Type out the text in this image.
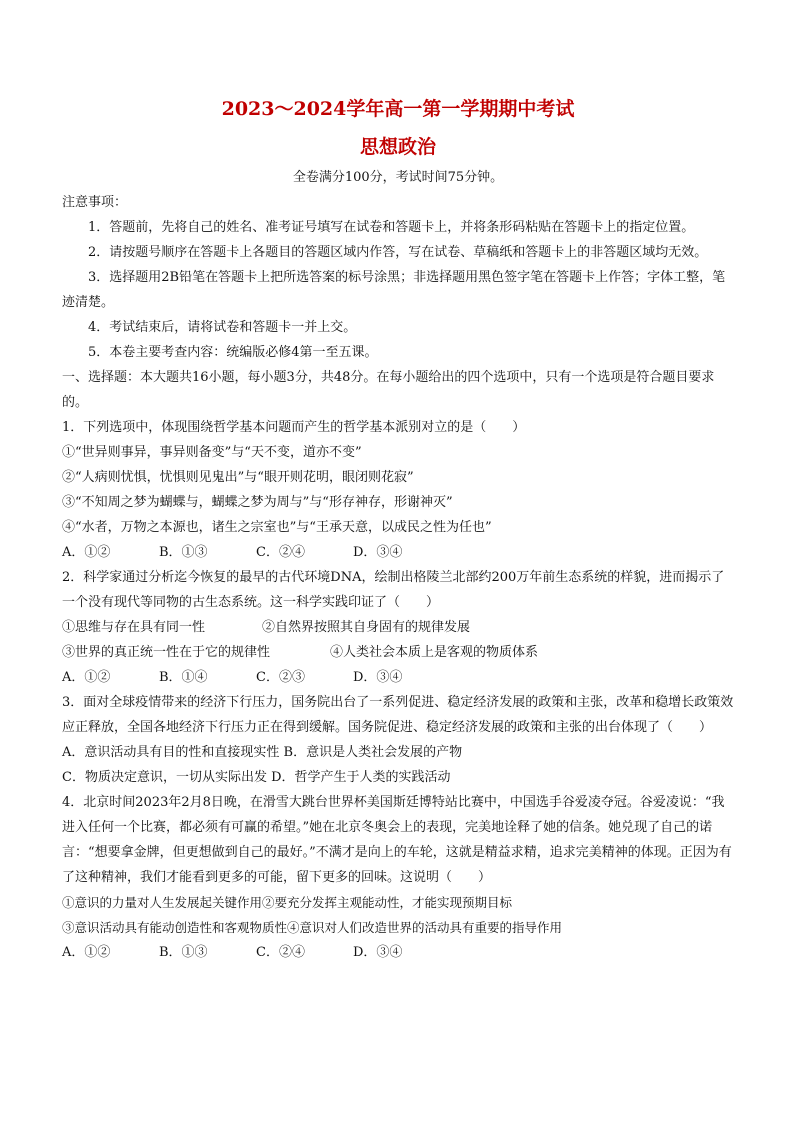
2023～2024学年高一第一学期期中考试
思想政治
全卷满分100分，考试时间75分钟。
注意事项：
1．答题前，先将自己的姓名、准考证号填写在试卷和答题卡上，并将条形码粘贴在答题卡上的指定位置。
2．请按题号顺序在答题卡上各题目的答题区域内作答，写在试卷、草稿纸和答题卡上的非答题区域均无效。
3．选择题用2B铅笔在答题卡上把所选答案的标号涂黑；非选择题用黑色签字笔在答题卡上作答；字体工整，笔迹清楚。
4．考试结束后，请将试卷和答题卡一并上交。
5．本卷主要考查内容：统编版必修4第一至五课。
一、选择题：本大题共16小题，每小题3分，共48分。在每小题给出的四个选项中，只有一个选项是符合题目要求的。
1．下列选项中，体现围绕哲学基本问题而产生的哲学基本派别对立的是（　　）
①“世异则事异，事异则备变”与“天不变，道亦不变”
②“人病则忧惧，忧惧则见鬼出”与“眼开则花明，眼闭则花寂”
③“不知周之梦为蝴蝶与，蝴蝶之梦为周与”与“形存神存，形谢神灭”
④“水者，万物之本源也，诸生之宗室也”与“王承天意，以成民之性为任也”
A．①②	B．①③	C．②④	D．③④
2．科学家通过分析迄今恢复的最早的古代环境DNA，绘制出格陵兰北部约200万年前生态系统的样貌，进而揭示了一个没有现代等同物的古生态系统。这一科学实践印证了（　　）
①思维与存在具有同一性	②自然界按照其自身固有的规律发展
③世界的真正统一性在于它的规律性	④人类社会本质上是客观的物质体系
A．①②	B．①④	C．②③	D．③④
3．面对全球疫情带来的经济下行压力，国务院出台了一系列促进、稳定经济发展的政策和主张，改革和稳增长政策效应正释放，全国各地经济下行压力正在得到缓解。国务院促进、稳定经济发展的政策和主张的出台体现了（　　）
A．意识活动具有目的性和直接现实性 B．意识是人类社会发展的产物
C．物质决定意识，一切从实际出发 D．哲学产生于人类的实践活动
4．北京时间2023年2月8日晚，在滑雪大跳台世界杯美国斯廷博特站比赛中，中国选手谷爱凌夺冠。谷爱凌说：“我进入任何一个比赛，都必须有可赢的希望。”她在北京冬奥会上的表现，完美地诠释了她的信条。她兑现了自己的诺言：“想要拿金牌，但更想做到自己的最好。”不满才是向上的车轮，这就是精益求精，追求完美精神的体现。正因为有了这种精神，我们才能看到更多的可能，留下更多的回味。这说明（　　）
①意识的力量对人生发展起关键作用②要充分发挥主观能动性，才能实现预期目标
③意识活动具有能动创造性和客观物质性④意识对人们改造世界的活动具有重要的指导作用
A．①②	B．①③	C．②④	D．③④
